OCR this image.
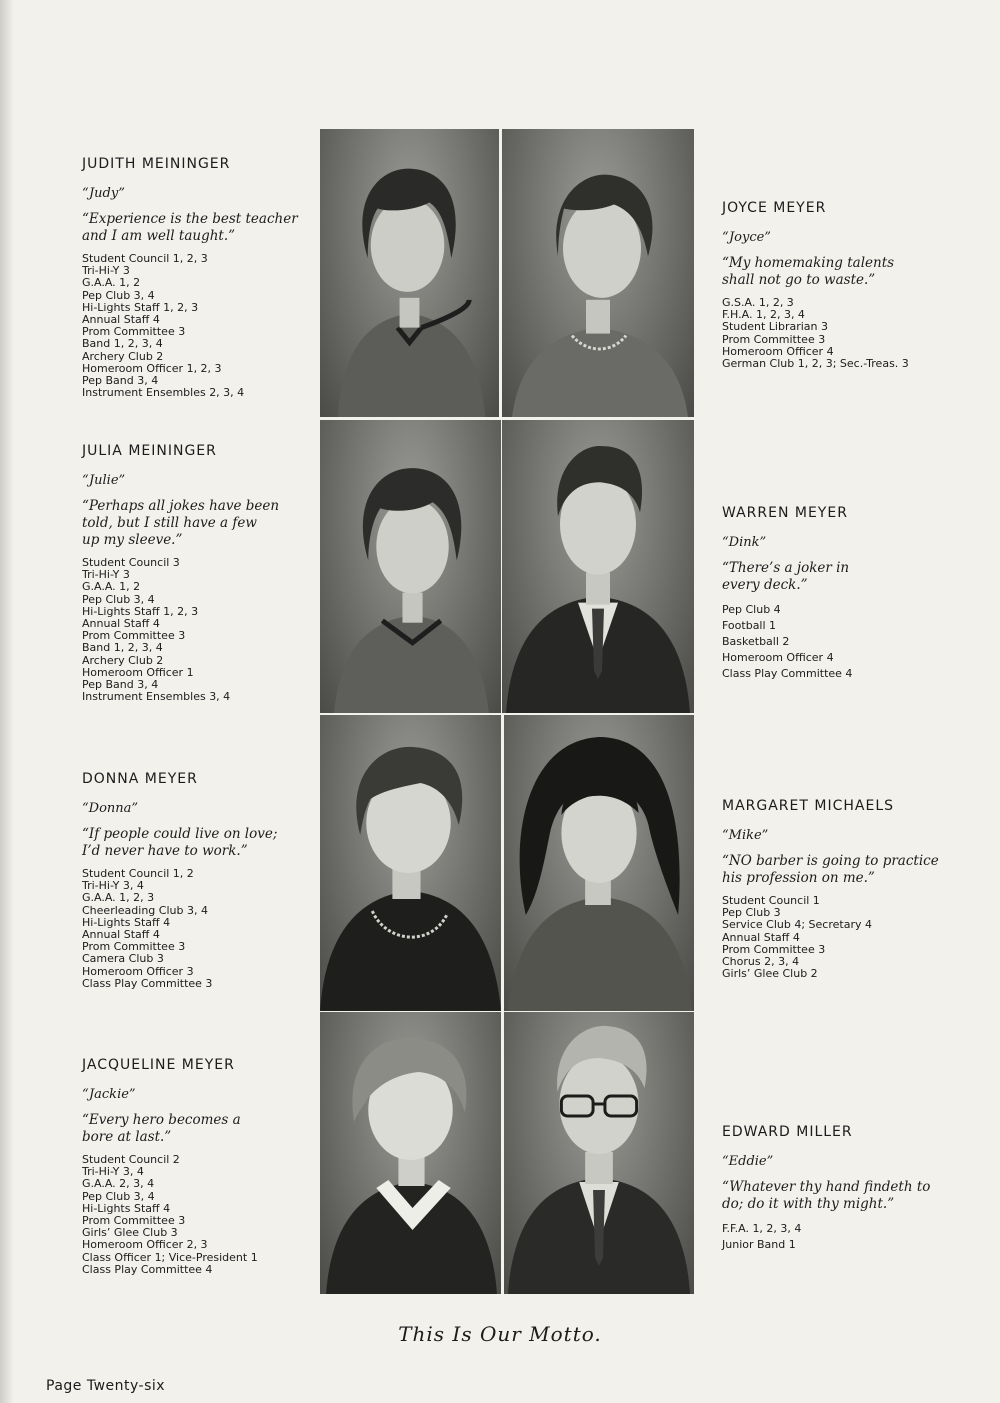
JUDITH MEININGER
“Judy”
“Experience is the best teacher
and I am well taught.”
Student Council 1, 2, 3
Tri-Hi-Y 3
G.A.A. 1, 2
Pep Club 3, 4
Hi-Lights Staff 1, 2, 3
Annual Staff 4
Prom Committee 3
Band 1, 2, 3, 4
Archery Club 2
Homeroom Officer 1, 2, 3
Pep Band 3, 4
Instrument Ensembles 2, 3, 4
JULIA MEININGER
“Julie”
“Perhaps all jokes have been
told, but I still have a few
up my sleeve.”
Student Council 3
Tri-Hi-Y 3
G.A.A. 1, 2
Pep Club 3, 4
Hi-Lights Staff 1, 2, 3
Annual Staff 4
Prom Committee 3
Band 1, 2, 3, 4
Archery Club 2
Homeroom Officer 1
Pep Band 3, 4
Instrument Ensembles 3, 4
DONNA MEYER
“Donna”
“If people could live on love;
I’d never have to work.”
Student Council 1, 2
Tri-Hi-Y 3, 4
G.A.A. 1, 2, 3
Cheerleading Club 3, 4
Hi-Lights Staff 4
Annual Staff 4
Prom Committee 3
Camera Club 3
Homeroom Officer 3
Class Play Committee 3
JACQUELINE MEYER
“Jackie”
“Every hero becomes a
bore at last.”
Student Council 2
Tri-Hi-Y 3, 4
G.A.A. 2, 3, 4
Pep Club 3, 4
Hi-Lights Staff 4
Prom Committee 3
Girls’ Glee Club 3
Homeroom Officer 2, 3
Class Officer 1; Vice-President 1
Class Play Committee 4
JOYCE MEYER
“Joyce”
“My homemaking talents
shall not go to waste.”
G.S.A. 1, 2, 3
F.H.A. 1, 2, 3, 4
Student Librarian 3
Prom Committee 3
Homeroom Officer 4
German Club 1, 2, 3; Sec.-Treas. 3
WARREN MEYER
“Dink”
“There’s a joker in
every deck.”
Pep Club 4
Football 1
Basketball 2
Homeroom Officer 4
Class Play Committee 4
MARGARET MICHAELS
“Mike”
“NO barber is going to practice
his profession on me.”
Student Council 1
Pep Club 3
Service Club 4; Secretary 4
Annual Staff 4
Prom Committee 3
Chorus 2, 3, 4
Girls’ Glee Club 2
EDWARD MILLER
“Eddie”
“Whatever thy hand findeth to
do; do it with thy might.”
F.F.A. 1, 2, 3, 4
Junior Band 1
This Is Our Motto.
Page Twenty-six
